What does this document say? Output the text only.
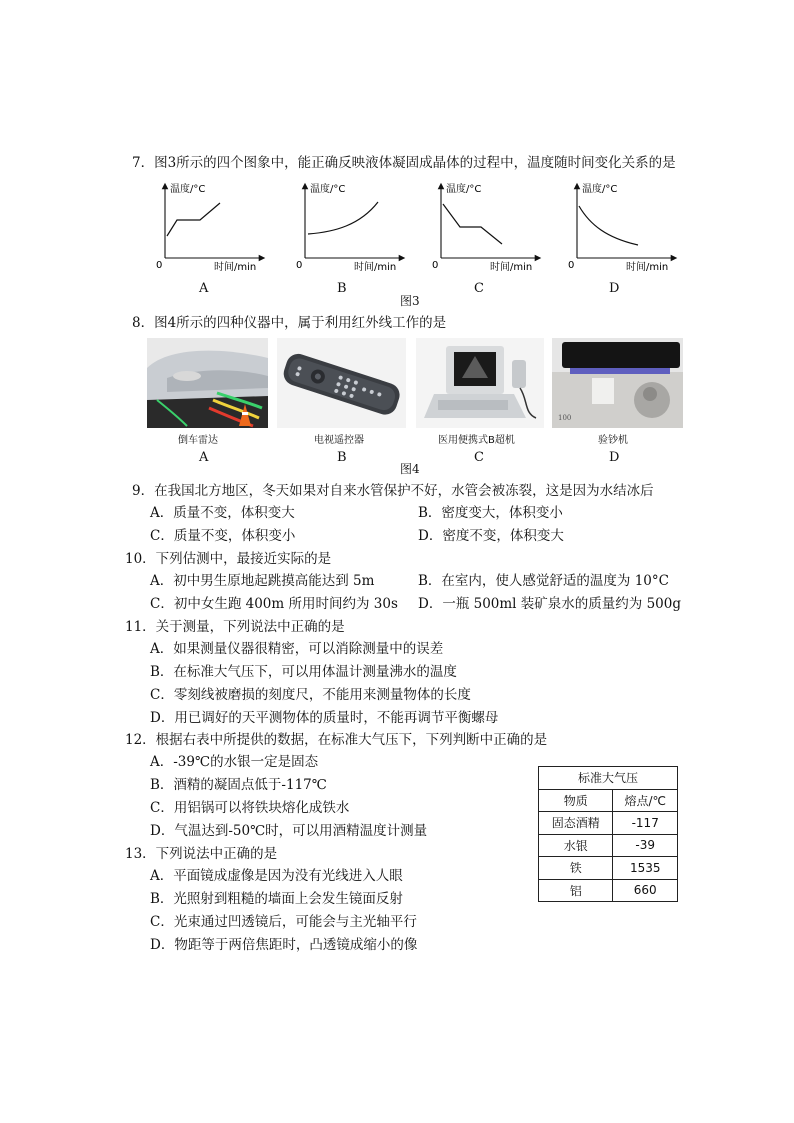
7．图3所示的四个图象中，能正确反映液体凝固成晶体的过程中，温度随时间变化关系的是
温度/°C
0	时间/min
温度/°C
0	时间/min
温度/°C
0	时间/min
温度/°C
0	时间/min
A	B	C	D
图3
8．图4所示的四种仪器中，属于利用红外线工作的是
100
倒车雷达	电视遥控器	医用便携式B超机	验钞机
A	B	C	D
图4
9．在我国北方地区，冬天如果对自来水管保护不好，水管会被冻裂，这是因为水结冰后
A．质量不变，体积变大	B．密度变大，体积变小
C．质量不变，体积变小	D．密度不变，体积变大
10．下列估测中，最接近实际的是
A．初中男生原地起跳摸高能达到 5m	B．在室内，使人感觉舒适的温度为 10°C
C．初中女生跑 400m 所用时间约为 30s D．一瓶 500ml 装矿泉水的质量约为 500g
11．关于测量，下列说法中正确的是
A．如果测量仪器很精密，可以消除测量中的误差
B．在标准大气压下，可以用体温计测量沸水的温度
C．零刻线被磨损的刻度尺，不能用来测量物体的长度
D．用已调好的天平测物体的质量时，不能再调节平衡螺母
12．根据右表中所提供的数据，在标准大气压下，下列判断中正确的是
A．-39℃的水银一定是固态
B．酒精的凝固点低于-117℃
C．用铝锅可以将铁块熔化成铁水
D．气温达到-50℃时，可以用酒精温度计测量
标准大气压	
物质	熔点/℃
固态酒精	-117
水银	-39
铁	1535
铝	660
13．下列说法中正确的是
A．平面镜成虚像是因为没有光线进入人眼
B．光照射到粗糙的墙面上会发生镜面反射
C．光束通过凹透镜后，可能会与主光轴平行
D．物距等于两倍焦距时，凸透镜成缩小的像
